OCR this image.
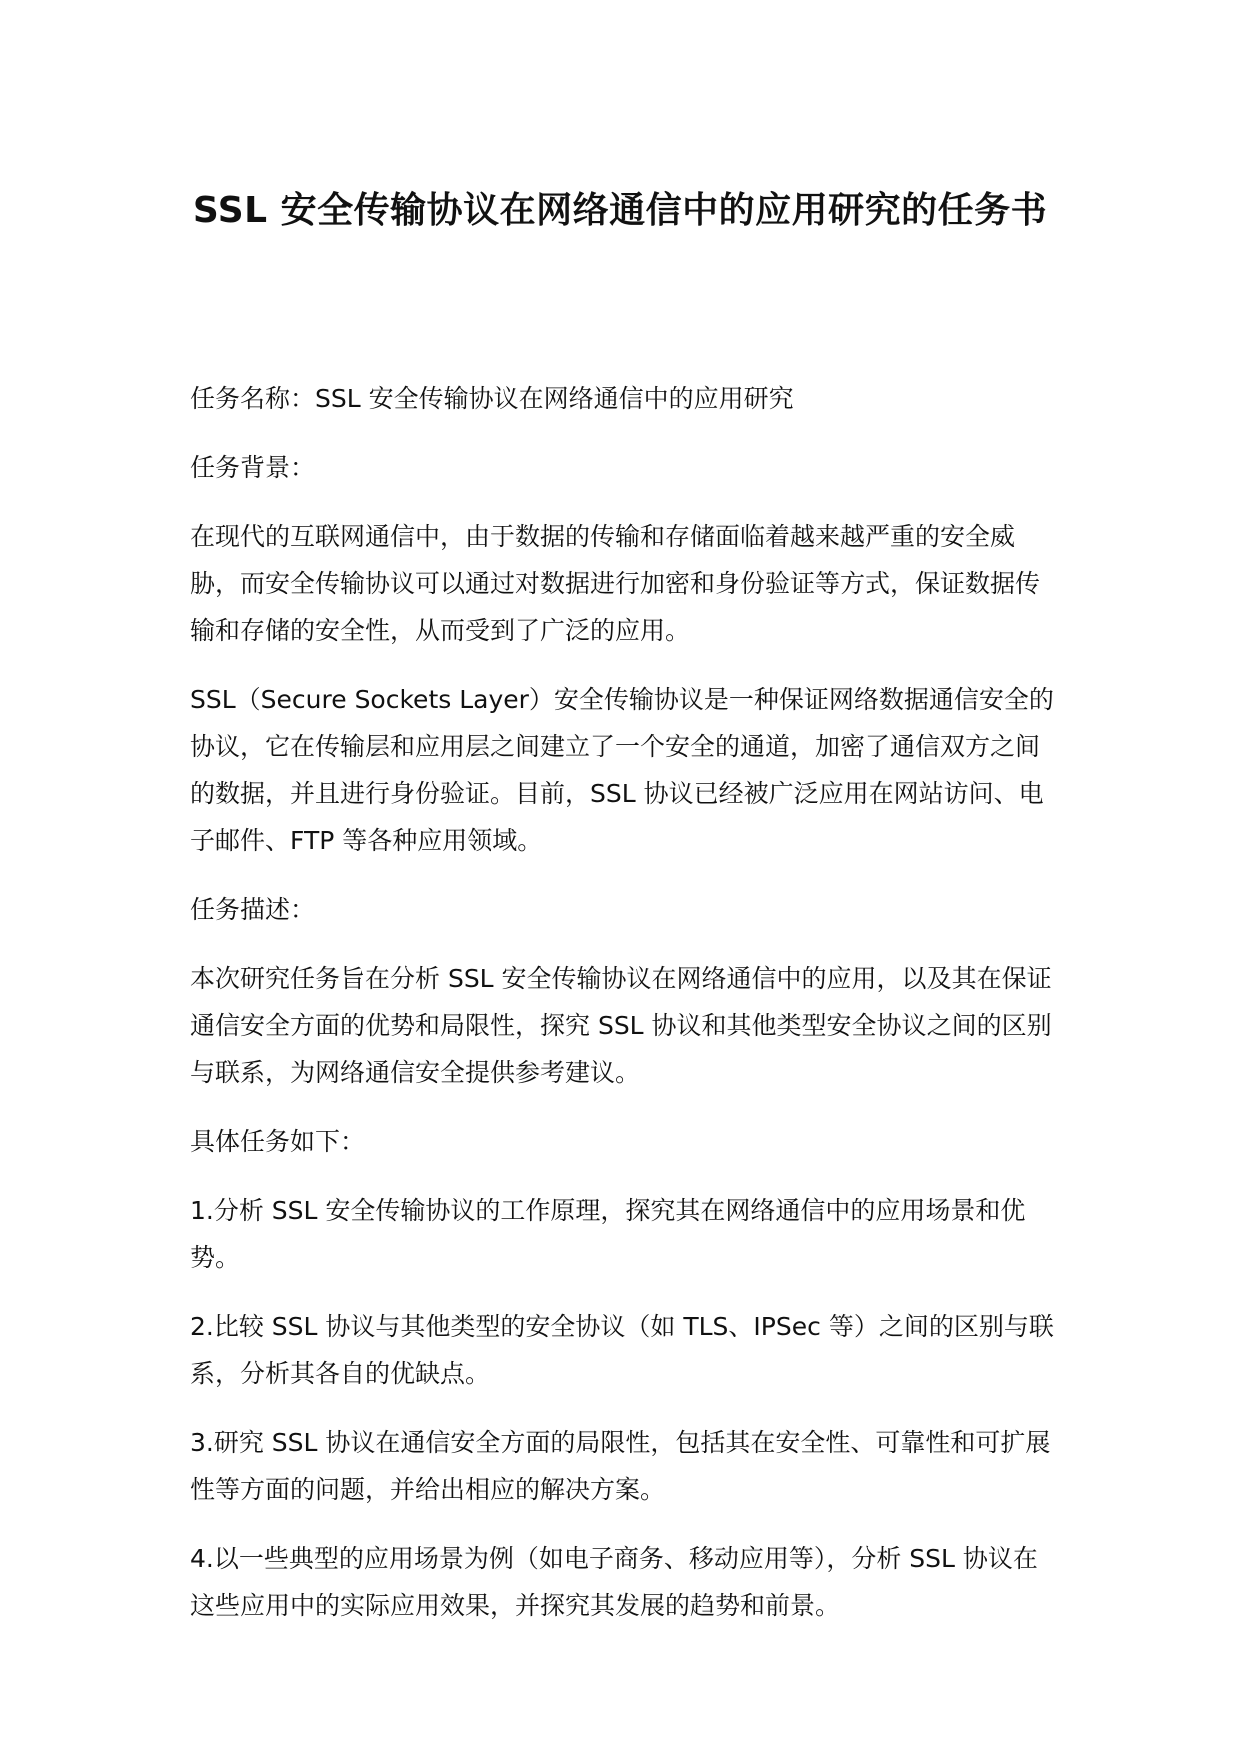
SSL 安全传输协议在网络通信中的应用研究的任务书

任务名称：SSL 安全传输协议在网络通信中的应用研究

任务背景：

在现代的互联网通信中，由于数据的传输和存储面临着越来越严重的安全威胁，而安全传输协议可以通过对数据进行加密和身份验证等方式，保证数据传输和存储的安全性，从而受到了广泛的应用。

SSL（Secure Sockets Layer）安全传输协议是一种保证网络数据通信安全的协议，它在传输层和应用层之间建立了一个安全的通道，加密了通信双方之间的数据，并且进行身份验证。目前，SSL 协议已经被广泛应用在网站访问、电子邮件、FTP 等各种应用领域。

任务描述：

本次研究任务旨在分析 SSL 安全传输协议在网络通信中的应用，以及其在保证通信安全方面的优势和局限性，探究 SSL 协议和其他类型安全协议之间的区别与联系，为网络通信安全提供参考建议。

具体任务如下：

1.分析 SSL 安全传输协议的工作原理，探究其在网络通信中的应用场景和优势。

2.比较 SSL 协议与其他类型的安全协议（如 TLS、IPSec 等）之间的区别与联系，分析其各自的优缺点。

3.研究 SSL 协议在通信安全方面的局限性，包括其在安全性、可靠性和可扩展性等方面的问题，并给出相应的解决方案。

4.以一些典型的应用场景为例（如电子商务、移动应用等），分析 SSL 协议在这些应用中的实际应用效果，并探究其发展的趋势和前景。
